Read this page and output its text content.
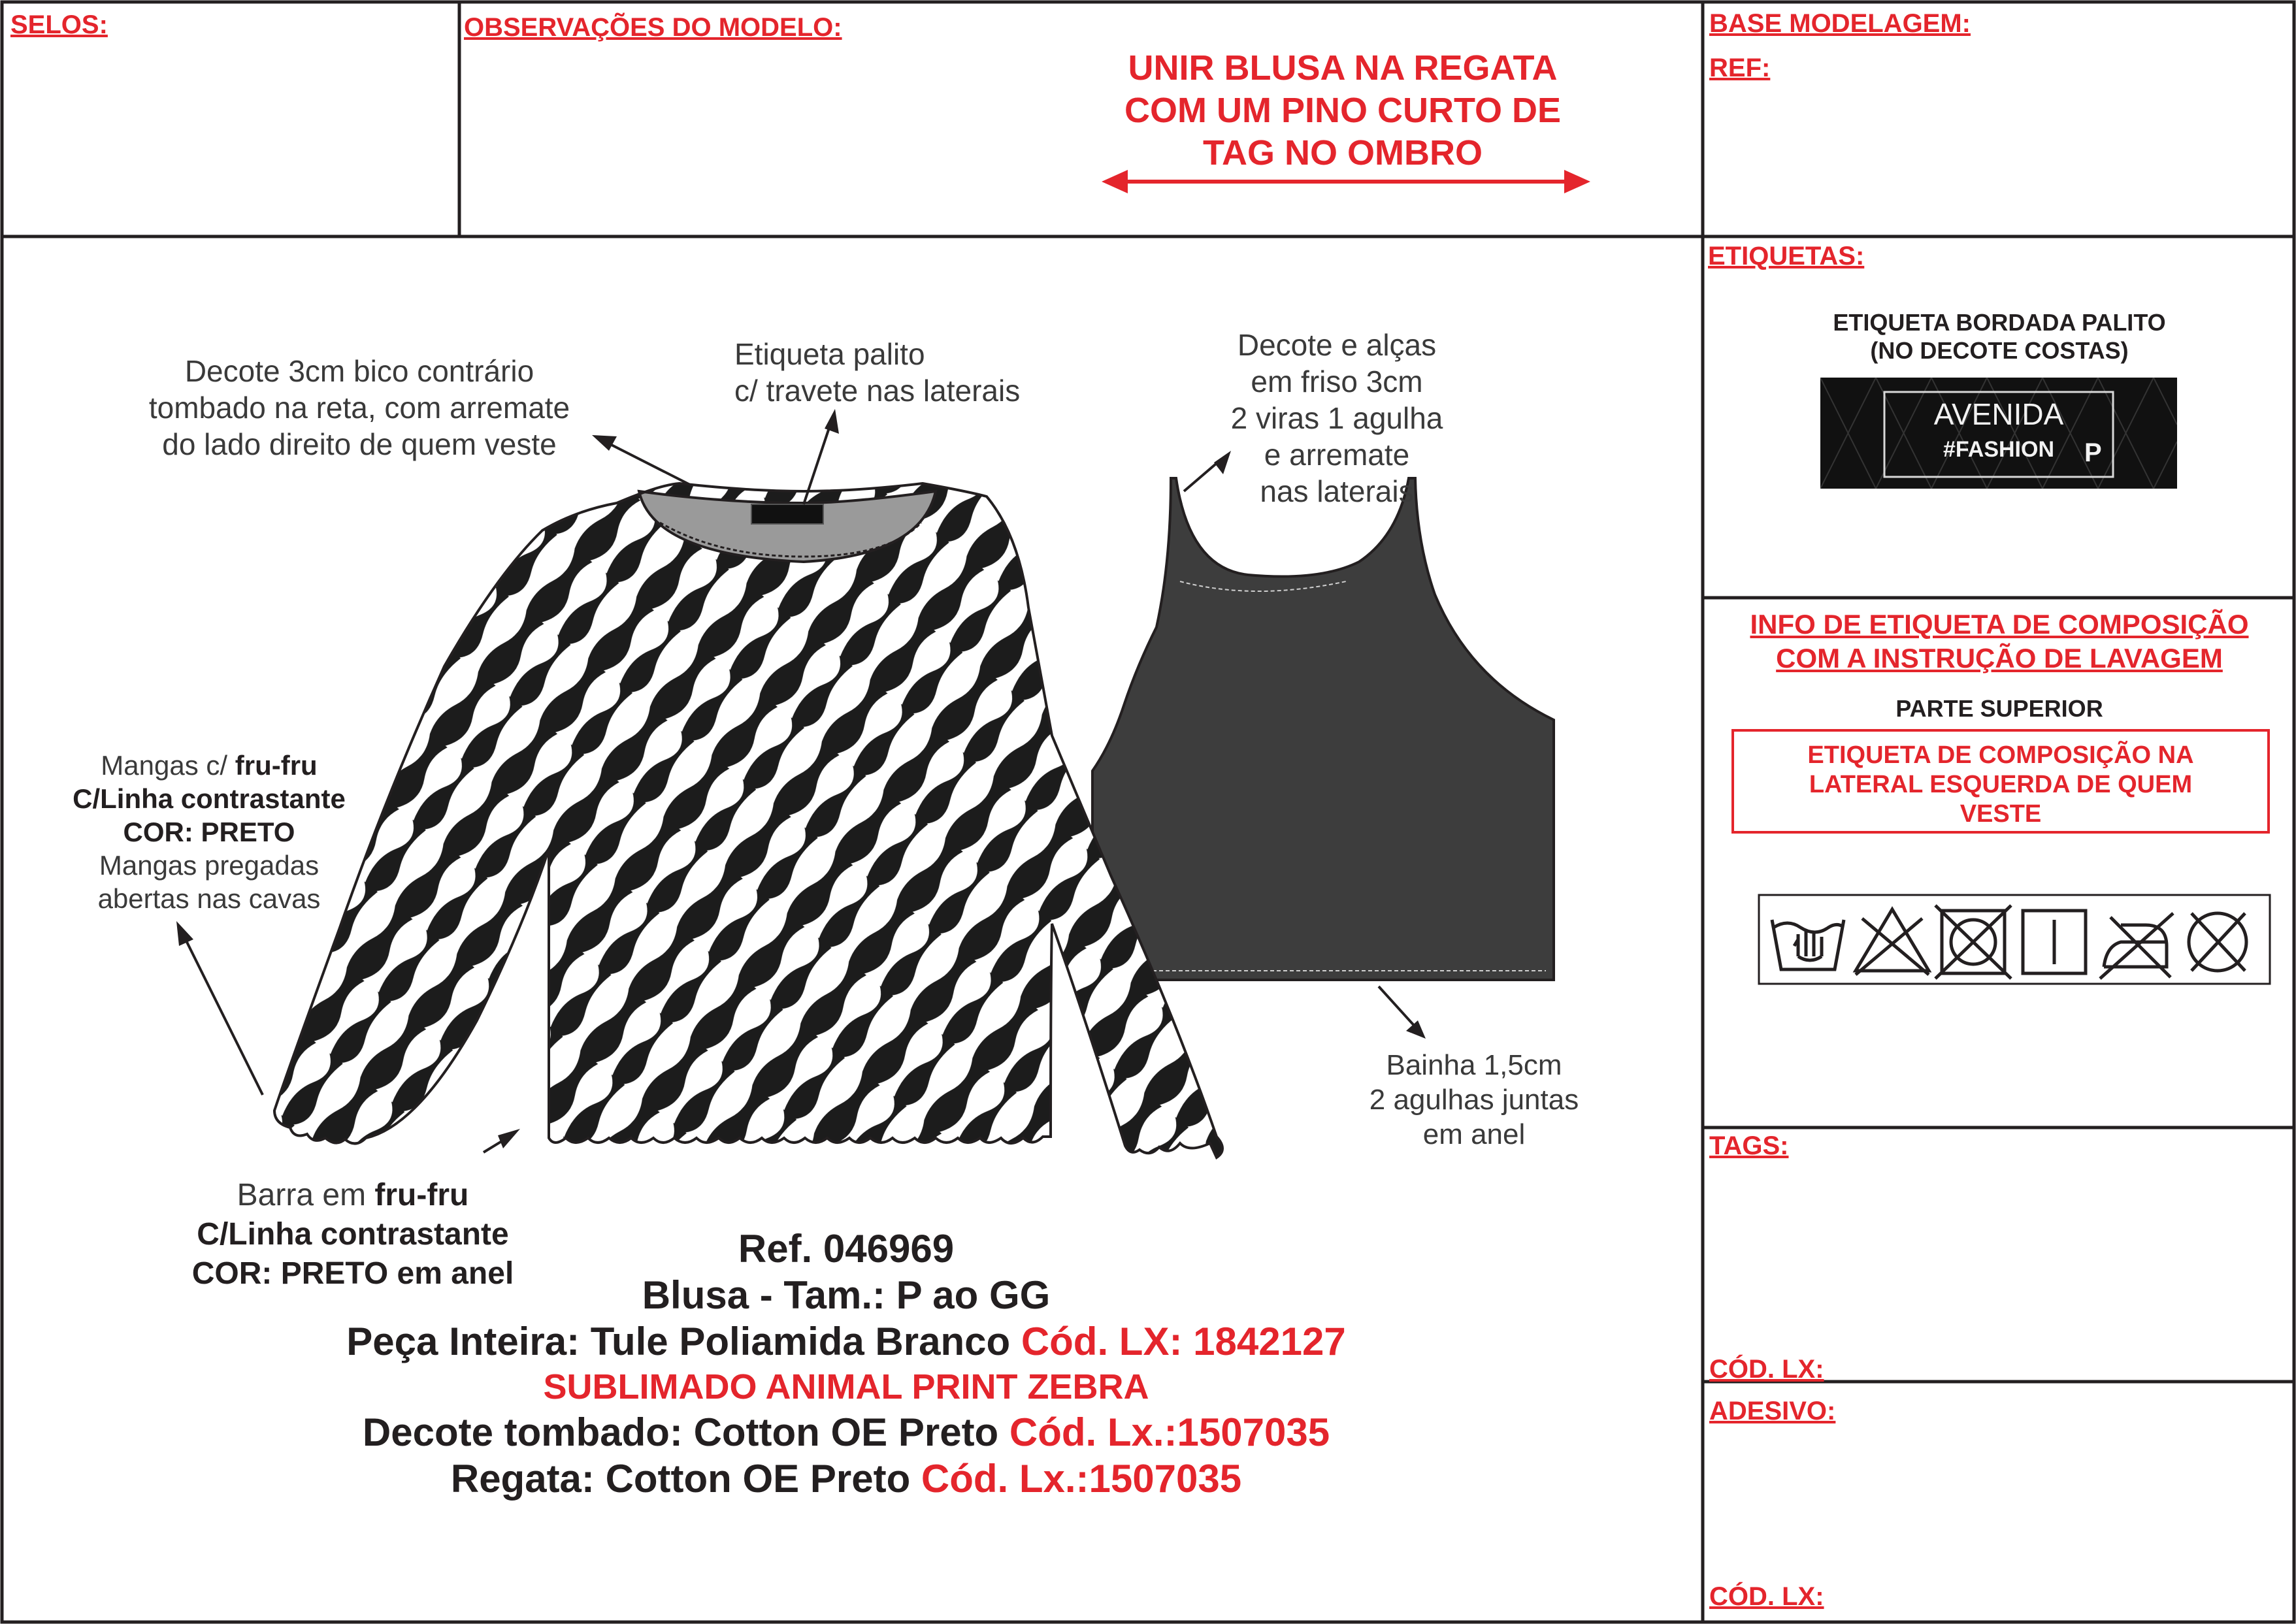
SELOS:	OBSERVAÇÕES DO MODELO:
UNIR BLUSA NA REGATA
COM UM PINO CURTO DE
TAG NO OMBRO
BASE MODELAGEM:
REF:
ETIQUETAS:
ETIQUETA BORDADA PALITO
(NO DECOTE COSTAS)
AVENIDA
#FASHION	P
INFO DE ETIQUETA DE COMPOSIÇÃO
COM A INSTRUÇÃO DE LAVAGEM
PARTE SUPERIOR
ETIQUETA DE COMPOSIÇÃO NA
LATERAL ESQUERDA DE QUEM
VESTE
TAGS:
CÓD. LX:
ADESIVO:
CÓD. LX:
Decote 3cm bico contrário
tombado na reta, com arremate
do lado direito de quem veste
Etiqueta palito
c/ travete nas laterais
Decote e alças
em friso 3cm
2 viras 1 agulha
e arremate
nas laterais
Mangas c/ fru-fru
C/Linha contrastante
COR: PRETO
Mangas pregadas
abertas nas cavas
Bainha 1,5cm
2 agulhas juntas
em anel
Barra em fru-fru
C/Linha contrastante
COR: PRETO em anel
Ref. 046969
Blusa - Tam.: P ao GG
Peça Inteira: Tule Poliamida Branco Cód. LX: 1842127
SUBLIMADO ANIMAL PRINT ZEBRA
Decote tombado: Cotton OE Preto Cód. Lx.:1507035
Regata: Cotton OE Preto Cód. Lx.:1507035
